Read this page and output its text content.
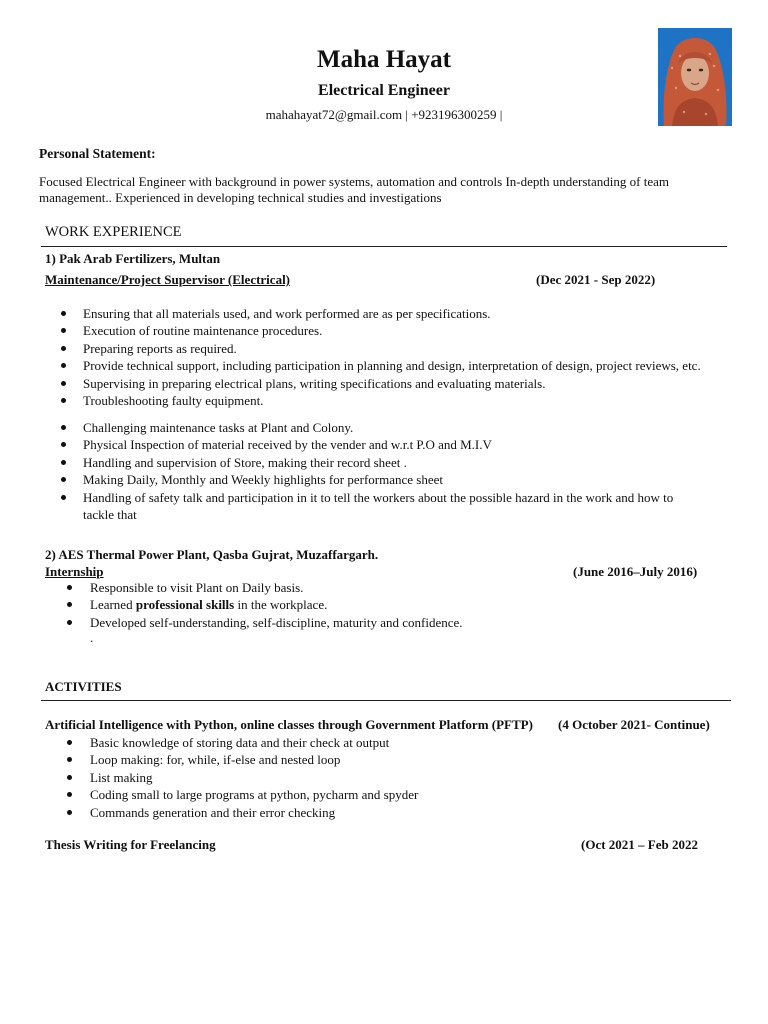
Maha Hayat
Electrical Engineer
mahahayat72@gmail.com | +923196300259 |
Personal Statement:
Focused Electrical Engineer with background in power systems, automation and controls In-depth understanding of team
management.. Experienced in developing technical studies and investigations
WORK EXPERIENCE
1) Pak Arab Fertilizers, Multan
Maintenance/Project Supervisor (Electrical)	(Dec 2021 - Sep 2022)
Ensuring that all materials used, and work performed are as per specifications.
Execution of routine maintenance procedures.
Preparing reports as required.
Provide technical support, including participation in planning and design, interpretation of design, project reviews, etc.
Supervising in preparing electrical plans, writing specifications and evaluating materials.
Troubleshooting faulty equipment.
Challenging maintenance tasks at Plant and Colony.
Physical Inspection of material received by the vender and w.r.t P.O and M.I.V
Handling and supervision of Store, making their record sheet .
Making Daily, Monthly and Weekly highlights for performance sheet
Handling of safety talk and participation in it to tell the workers about the possible hazard in the work and how to
tackle that
2) AES Thermal Power Plant, Qasba Gujrat, Muzaffargarh.
Internship	(June 2016–July 2016)
Responsible to visit Plant on Daily basis.
Learned professional skills in the workplace.
Developed self-understanding, self-discipline, maturity and confidence.
.
ACTIVITIES
Artificial Intelligence with Python, online classes through Government Platform (PFTP) (4 October 2021- Continue)
Basic knowledge of storing data and their check at output
Loop making: for, while, if-else and nested loop
List making
Coding small to large programs at python, pycharm and spyder
Commands generation and their error checking
Thesis Writing for Freelancing	(Oct 2021 – Feb 2022
